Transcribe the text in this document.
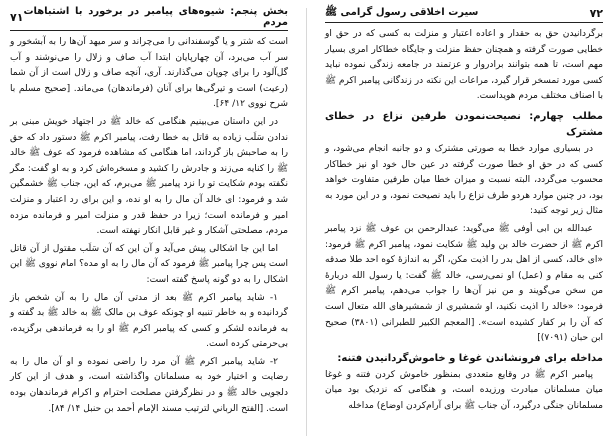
بخش پنجم: شیوه‌های پیامبر در برخورد با اشتباهات مردم
۷۱

است که شتر و یا گوسفندانی را می‌چراند و سر میهد آن‌ها را به آبشخور و سر آب می‌برد، آن چهارپایان ابتدا آب صاف و زلال را می‌نوشند و آب گل‌آلود را برای چوپان می‌گذارند. آری، آنچه صاف و زلال است از آن شما (رعیت) است و تیرگی‌ها برای آنان (فرماندهان) می‌ماند. [صحیح مسلم با شرح نووی ۱۲/ ۶۴].

در این داستان می‌بینیم هنگامی که خالد ﷺ در اجتهاد خویش مبنی بر ندادن سَلَب زیاده به قاتل به خطا رفت، پیامبر اکرم ﷺ دستور داد که حق را به صاحبش باز گرداند، اما هنگامی که مشاهده فرمود که عوف ﷺ خالد ﷺ را کنایه می‌زند و جادرش را کشید و مسخره‌اش کرد و به او گفت: مگر نگفته بودم شکایت تو را نزد پیامبر ﷺ می‌برم، که این، جناب ﷺ خشمگین شد و فرمود: ای خالد آن مال را به او نده، و این برای رد اعتبار و منزلت امیر و فرمانده است؛ زیرا در حفظ قدر و منزلت امیر و فرمانده مزده مردم، مصلحتی آشکار و غیر قابل انکار نهفته است.

اما این جا اشکالی پیش می‌آید و آن این که آن سَلَب مقتول از آن قاتل است پس چرا پیامبر ﷺ فرمود که آن مال را به او مده؟ امام نووی ﷺ این اشکال را به دو گونه پاسخ گفته است:

۱- شاید پیامبر اکرم ﷺ بعد از مدتی آن مال را به آن شخص باز گردانیده و به خاطر تنبیه او چونکه عوف بن مالک ﷺ به خالد ﷺ بد گفته و به فرمانده لشکر و کسی که پیامبر اکرم ﷺ او را به فرماندهی برگزیده، بی‌حرمتی کرده است.

۲- شاید پیامبر اکرم ﷺ آن مرد را راضی نموده و او آن مال را به رضایت و اختیار خود به مسلمانان واگذاشته است، و هدف از این کار دلجویی خالد ﷺ و در نظرگرفتن مصلحت احترام و اکرام فرماندهان بوده است. [الفتح الرباني لترتيب مسند الإمام أحمد بن حنبل ۱۴/ ۸۴].

۷۲
سیرت اخلاقی رسول گرامی ﷺ

برگردانیدن حق به حقدار و اعاده اعتبار و منزلت به کسی که در حق او خطایی صورت گرفته و همچنان حفظ منزلت و جایگاه خطاکار امری بسیار مهم است، تا همه بتوانند برادروار و عزتمند در جامعه زندگی نموده نباید کسی مورد تمسخر قرار گیرد، مراعات این نکته در زندگانی پیامبر اکرم ﷺ با اصناف مختلف مردم هویداست.

مطلب چهارم: نصیحت‌نمودن طرفین نزاع در خطای مشترک

در بسیاری موارد خطا به صورتی مشترک و دو جانبه انجام می‌شود، و کسی که در حق او خطا صورت گرفته در عین حال خود او نیز خطاکار محسوب می‌گردد، البته نسبت و میزان خطا میان طرفین متفاوت خواهد بود، در چنین موارد هردو طرف نزاع را باید نصیحت نمود، و در این مورد به مثال زیر توجه کنید:

عبدالله بن ابی أوفی ﷺ می‌گوید: عبدالرحمن بن عوف ﷺ نزد پیامبر اکرم ﷺ از حضرت خالد بن ولید ﷺ شکایت نمود، پیامبر اکرم ﷺ فرمود: «ای خالد، کسی از اهل بدر را اذیت مکن، اگر به اندازهٔ کوه احد طلا صدقه کنی به مقام و (عمل) او نمی‌رسی، خالد ﷺ گفت: یا رسول الله دربارهٔ من سخن می‌گویند و من نیز آن‌ها را جواب می‌دهم، پیامبر اکرم ﷺ فرمود: «خالد را اذیت نکنید، او شمشیری از شمشیرهای الله متعال است که آن را بر کفار کشیده است». [المعجم الکبیر للطبرانی (۳۸۰۱) صحیح ابن حبان (۷۰۹۱)]

مداخله برای فرونشاندن غوغا و خاموش‌گردانیدن فتنه:

پیامبر اکرم ﷺ در وقایع متعددی بمنظور خاموش کردن فتنه و غوغا میان مسلمانان مبادرت ورزیده است، و هنگامی که نزدیک بود میان مسلمانان جنگی درگیرد، آن جناب ﷺ برای آرام‌کردن اوضاع) مداخله
